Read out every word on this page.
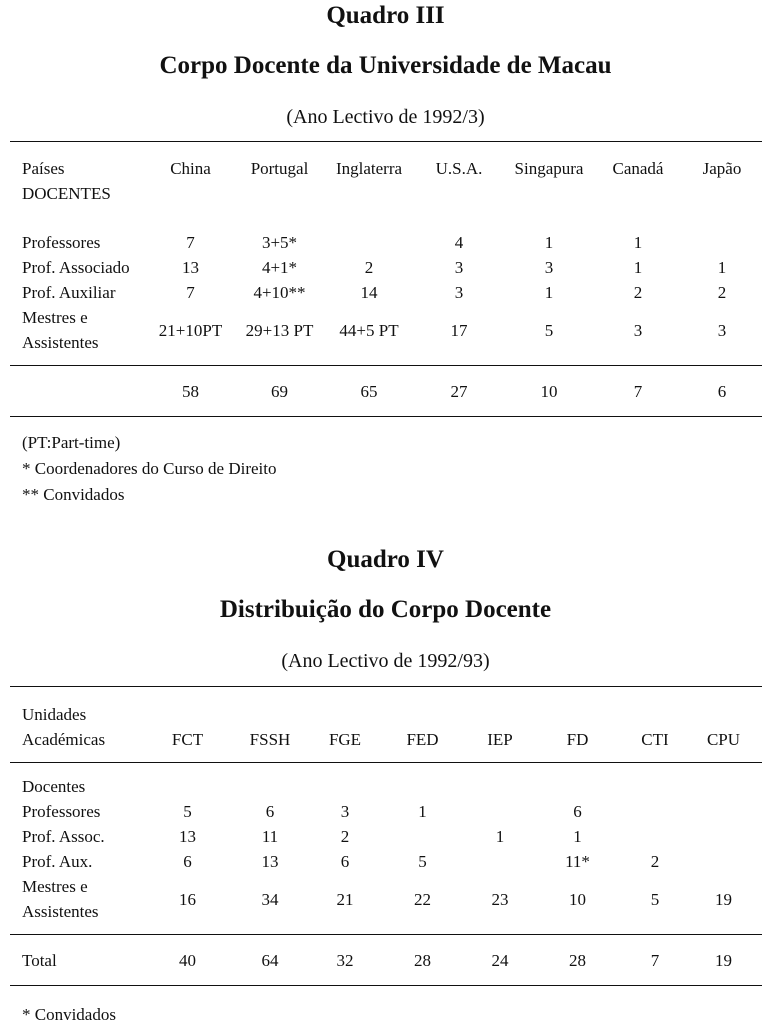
Quadro III
Corpo Docente da Universidade de Macau
(Ano Lectivo de 1992/3)
Países
DOCENTES	China	Portugal	Inglaterra	U.S.A.	Singapura	Canadá	Japão

Professores	7	3+5*		4	1	1	
Prof. Associado	13	4+1*	2	3	3	1	1
Prof. Auxiliar	7	4+10**	14	3	1	2	2

Mestres e
Assistentes	21+10PT	29+13 PT	44+5 PT	17	5	3	3

	58	69	65	27	10	7	6

(PT:Part-time)
* Coordenadores do Curso de Direito
** Convidados
Quadro IV
Distribuição do Corpo Docente
(Ano Lectivo de 1992/93)
Unidades
Académicas	FCT	FSSH	FGE	FED	IEP	FD	CTI	CPU

Docentes								
Professores	5	6	3	1		6		
Prof. Assoc.	13	11	2		1	1		
Prof. Aux.	6	13	6	5		11*	2	

Mestres e
Assistentes	16	34	21	22	23	10	5	19

Total	40	64	32	28	24	28	7	19

* Convidados
